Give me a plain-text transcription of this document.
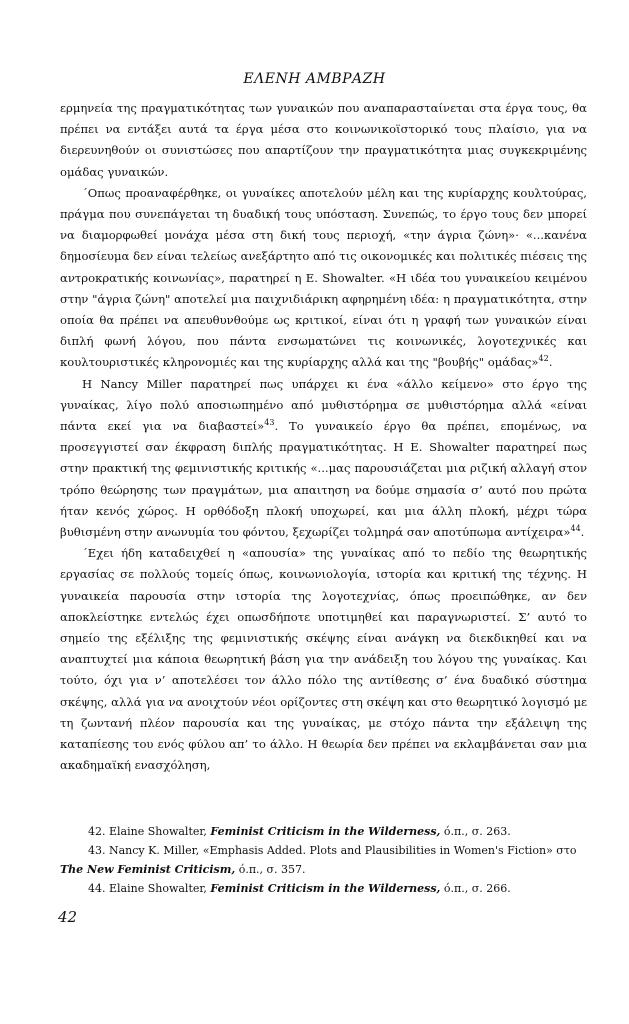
ΕΛΕΝΗ ΑΜΒΡΑΖΗ

ερμηνεία της πραγματικότητας των γυναικών που αναπαρασταίνεται στα έργα τους, θα πρέπει να εντάξει αυτά τα έργα μέσα στο κοινωνικοϊστορικό τους πλαίσιο, για να διερευνηθούν οι συνιστώσες που απαρτίζουν την πραγματικότητα μιας συγκεκριμένης ομάδας γυναικών.

΄Οπως προαναφέρθηκε, οι γυναίκες αποτελούν μέλη και της κυρίαρχης κουλτούρας, πράγμα που συνεπάγεται τη δυαδική τους υπόσταση. Συνεπώς, το έργο τους δεν μπορεί να διαμορφωθεί μονάχα μέσα στη δική τους περιοχή, «την άγρια ζώνη»· «...κανένα δημοσίευμα δεν είναι τελείως ανεξάρτητο από τις οικονομικές και πολιτικές πιέσεις της αντροκρατικής κοινωνίας», παρατηρεί η E. Showalter. «Η ιδέα του γυναικείου κειμένου στην "άγρια ζώνη" αποτελεί μια παιχνιδιάρικη αφηρημένη ιδέα: η πραγματικότητα, στην οποία θα πρέπει να απευθυνθούμε ως κριτικοί, είναι ότι η γραφή των γυναικών είναι διπλή φωνή λόγου, που πάντα ενσωματώνει τις κοινωνικές, λογοτεχνικές και κουλτουριστικές κληρονομιές και της κυρίαρχης αλλά και της "βουβής" ομάδας»$^{42}$.

Η Nancy Miller παρατηρεί πως υπάρχει κι ένα «άλλο κείμενο» στο έργο της γυναίκας, λίγο πολύ αποσιωπημένο από μυθιστόρημα σε μυθιστόρημα αλλά «είναι πάντα εκεί για να διαβαστεί»$^{43}$. Το γυναικείο έργο θα πρέπει, επομένως, να προσεγγιστεί σαν έκφραση διπλής πραγματικότητας. Η E. Showalter παρατηρεί πως στην πρακτική της φεμινιστικής κριτικής «...μας παρουσιάζεται μια ριζική αλλαγή στον τρόπο θεώρησης των πραγμάτων, μια απαιτηση να δούμε σημασία σ’ αυτό που πρώτα ήταν κενός χώρος. Η ορθόδοξη πλοκή υποχωρεί, και μια άλλη πλοκή, μέχρι τώρα βυθισμένη στην ανωνυμία του φόντου, ξεχωρίζει τολμηρά σαν αποτύπωμα αντίχειρα»$^{44}$.

΄Εχει ήδη καταδειχθεί η «απουσία» της γυναίκας από το πεδίο της θεωρητικής εργασίας σε πολλούς τομείς όπως, κοινωνιολογία, ιστορία και κριτική της τέχνης. Η γυναικεία παρουσία στην ιστορία της λογοτεχνίας, όπως προειπώθηκε, αν δεν αποκλείστηκε εντελώς έχει οπωσδήποτε υποτιμηθεί και παραγνωριστεί. Σ’ αυτό το σημείο της εξέλιξης της φεμινιστικής σκέψης είναι ανάγκη να διεκδικηθεί και να αναπτυχτεί μια κάποια θεωρητική βάση για την ανάδειξη του λόγου της γυναίκας. Και τούτο, όχι για ν’ αποτελέσει τον άλλο πόλο της αντίθεσης σ’ ένα δυαδικό σύστημα σκέψης, αλλά για να ανοιχτούν νέοι ορίζοντες στη σκέψη και στο θεωρητικό λογισμό με τη ζωντανή πλέον παρουσία και της γυναίκας, με στόχο πάντα την εξάλειψη της καταπίεσης του ενός φύλου απ’ το άλλο. Η θεωρία δεν πρέπει να εκλαμβάνεται σαν μια ακαδημαϊκή ενασχόληση,

42. Elaine Showalter, Feminist Criticism in the Wilderness, ό.π., σ. 263.

43. Nancy K. Miller, «Emphasis Added. Plots and Plausibilities in Women's Fiction» στο

The New Feminist Criticism, ό.π., σ. 357.

44. Elaine Showalter, Feminist Criticism in the Wilderness, ό.π., σ. 266.

42
